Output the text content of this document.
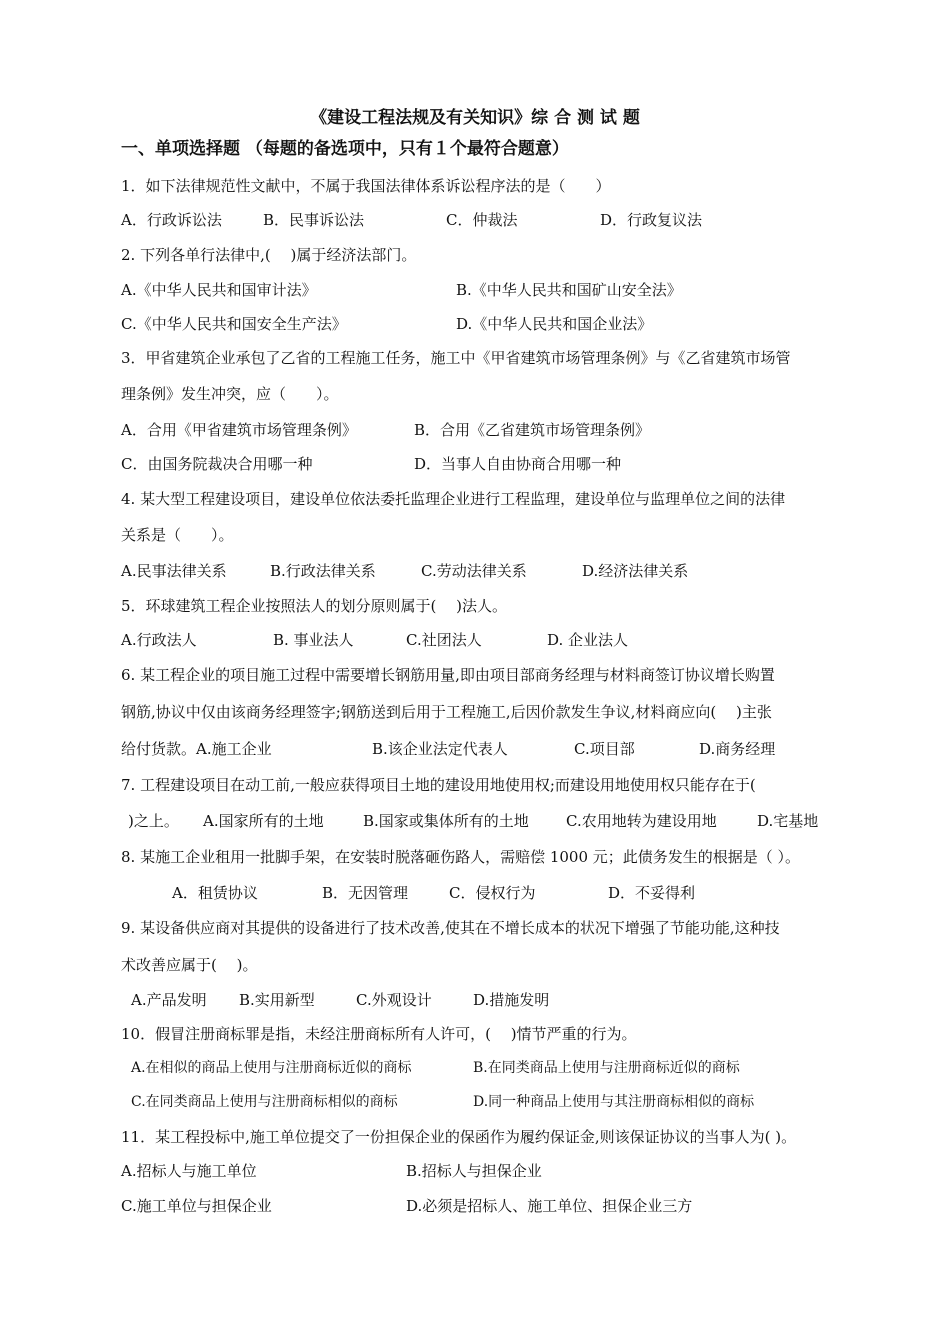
《建设工程法规及有关知识》综 合 测 试 题
一、单项选择题 （每题的备选项中，只有１个最符合题意）
1．如下法律规范性文献中，不属于我国法律体系诉讼程序法的是（　　）
A．行政诉讼法	B．民事诉讼法	C．仲裁法	D．行政复议法
2. 下列各单行法律中,(　 )属于经济法部门。
A.《中华人民共和国审计法》	B.《中华人民共和国矿山安全法》
C.《中华人民共和国安全生产法》	D.《中华人民共和国企业法》
3．甲省建筑企业承包了乙省的工程施工任务，施工中《甲省建筑市场管理条例》与《乙省建筑市场管
理条例》发生冲突，应（　　）。
A．合用《甲省建筑市场管理条例》	B．合用《乙省建筑市场管理条例》
C．由国务院裁决合用哪一种	D．当事人自由协商合用哪一种
4. 某大型工程建设项目，建设单位依法委托监理企业进行工程监理，建设单位与监理单位之间的法律
关系是（　　）。
A.民事法律关系	B.行政法律关系	C.劳动法律关系	D.经济法律关系
5．环球建筑工程企业按照法人的划分原则属于(　 )法人。
A.行政法人	B. 事业法人	C.社团法人	D. 企业法人
6. 某工程企业的项目施工过程中需要增长钢筋用量,即由项目部商务经理与材料商签订协议增长购置
钢筋,协议中仅由该商务经理签字;钢筋送到后用于工程施工,后因价款发生争议,材料商应向(　 )主张
给付货款。 A.施工企业	B.该企业法定代表人	C.项目部	D.商务经理
7. 工程建设项目在动工前,一般应获得项目土地的建设用地使用权;而建设用地使用权只能存在于(
)之上。 A.国家所有的土地	B.国家或集体所有的土地 C.农用地转为建设用地	D.宅基地
8. 某施工企业租用一批脚手架，在安装时脱落砸伤路人，需赔偿 1000 元；此债务发生的根据是（ ）。
A．租赁协议	B．无因管理	C．侵权行为	D．不妥得利
9. 某设备供应商对其提供的设备进行了技术改善,使其在不增长成本的状况下增强了节能功能,这种技
术改善应属于(　 )。
A.产品发明 B.实用新型	C.外观设计	D.措施发明
10．假冒注册商标罪是指，未经注册商标所有人许可，(　 )情节严重的行为。
A.在相似的商品上使用与注册商标近似的商标	B.在同类商品上使用与注册商标近似的商标
C.在同类商品上使用与注册商标相似的商标	D.同一种商品上使用与其注册商标相似的商标
11．某工程投标中,施工单位提交了一份担保企业的保函作为履约保证金,则该保证协议的当事人为( )。
A.招标人与施工单位	B.招标人与担保企业
C.施工单位与担保企业	D.必须是招标人、施工单位、担保企业三方
